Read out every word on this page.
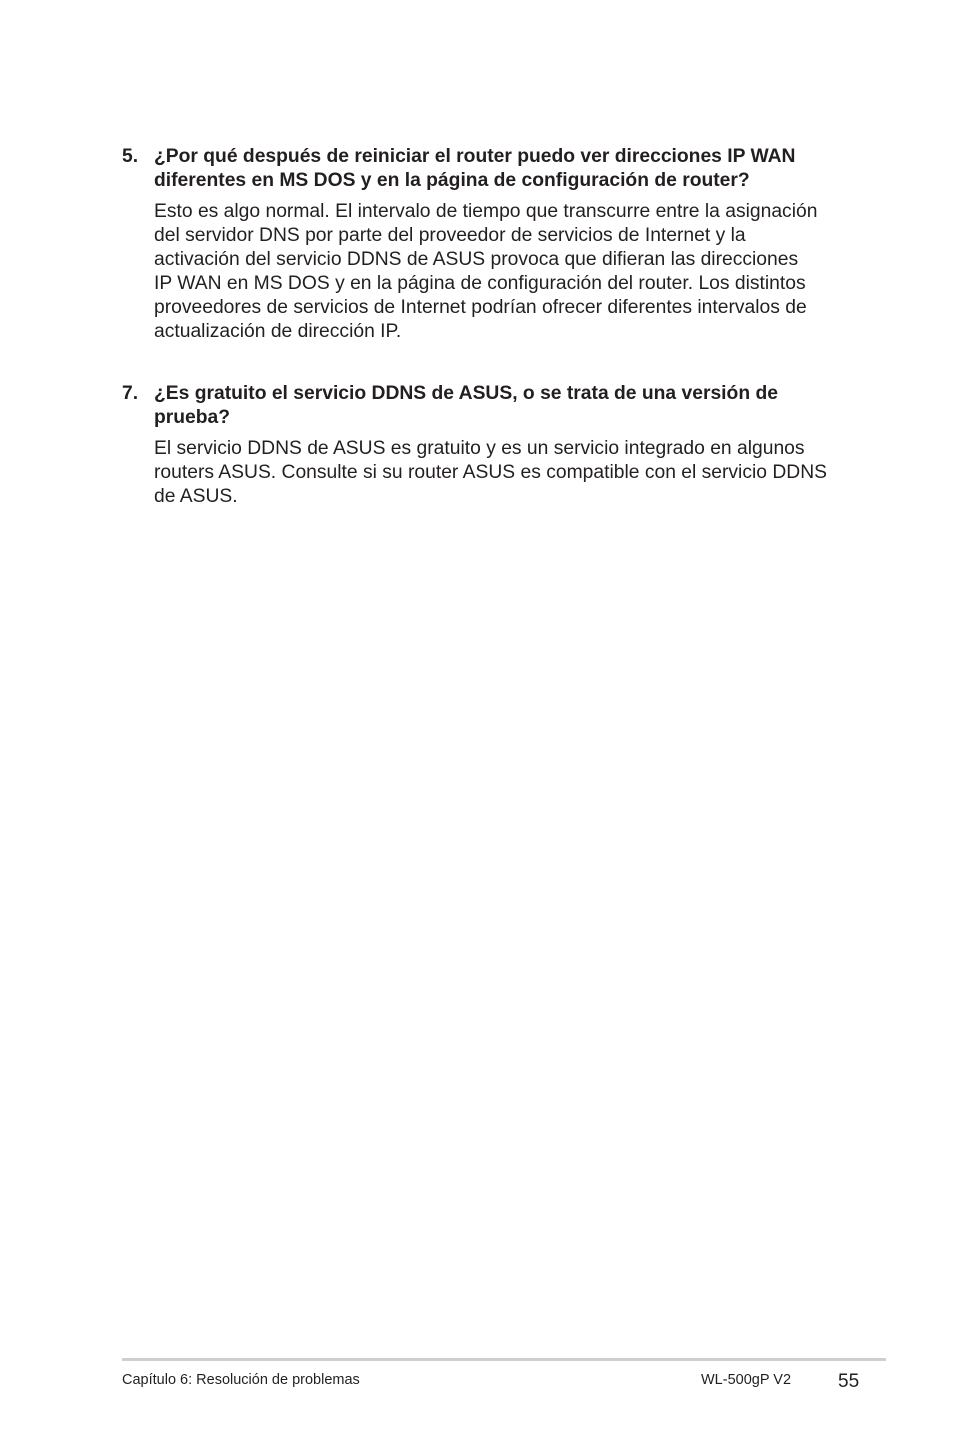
5. ¿Por qué después de reiniciar el router puedo ver direcciones IP WAN
diferentes en MS DOS y en la página de configuración de router?
Esto es algo normal. El intervalo de tiempo que transcurre entre la asignación
del servidor DNS por parte del proveedor de servicios de Internet y la
activación del servicio DDNS de ASUS provoca que difieran las direcciones
IP WAN en MS DOS y en la página de configuración del router. Los distintos
proveedores de servicios de Internet podrían ofrecer diferentes intervalos de
actualización de dirección IP.
7. ¿Es gratuito el servicio DDNS de ASUS, o se trata de una versión de
prueba?
El servicio DDNS de ASUS es gratuito y es un servicio integrado en algunos
routers ASUS. Consulte si su router ASUS es compatible con el servicio DDNS
de ASUS.
Capítulo 6: Resolución de problemas	WL-500gP V2 55
